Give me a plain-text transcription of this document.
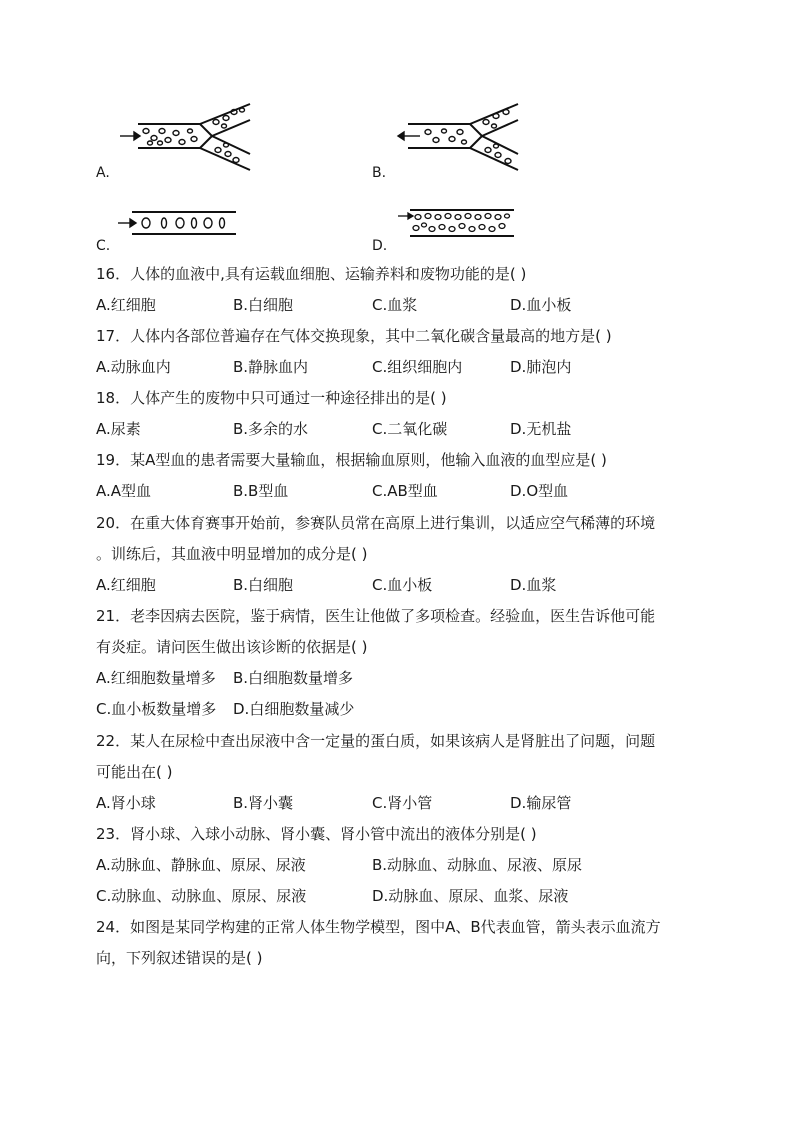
A.	B.
C.	D.
16．人体的血液中,具有运载血细胞、运输养料和废物功能的是( )
A.红细胞	B.白细胞	C.血浆	D.血小板
17．人体内各部位普遍存在气体交换现象，其中二氧化碳含量最高的地方是( )
A.动脉血内	B.静脉血内	C.组织细胞内	D.肺泡内
18．人体产生的废物中只可通过一种途径排出的是( )
A.尿素	B.多余的水	C.二氧化碳	D.无机盐
19．某A型血的患者需要大量输血，根据输血原则，他输入血液的血型应是( )
A.A型血	B.B型血	C.AB型血	D.O型血
20．在重大体育赛事开始前，参赛队员常在高原上进行集训，以适应空气稀薄的环境
。训练后，其血液中明显增加的成分是( )
A.红细胞	B.白细胞	C.血小板	D.血浆
21．老李因病去医院，鉴于病情，医生让他做了多项检查。经验血，医生告诉他可能
有炎症。请问医生做出该诊断的依据是( )
A.红细胞数量增多 B.白细胞数量增多
C.血小板数量增多 D.白细胞数量减少
22．某人在尿检中查出尿液中含一定量的蛋白质，如果该病人是肾脏出了问题，问题
可能出在( )
A.肾小球	B.肾小囊	C.肾小管	D.输尿管
23．肾小球、入球小动脉、肾小囊、肾小管中流出的液体分别是( )
A.动脉血、静脉血、原尿、尿液	B.动脉血、动脉血、尿液、原尿
C.动脉血、动脉血、原尿、尿液	D.动脉血、原尿、血浆、尿液
24．如图是某同学构建的正常人体生物学模型，图中A、B代表血管，箭头表示血流方
向，下列叙述错误的是( )
